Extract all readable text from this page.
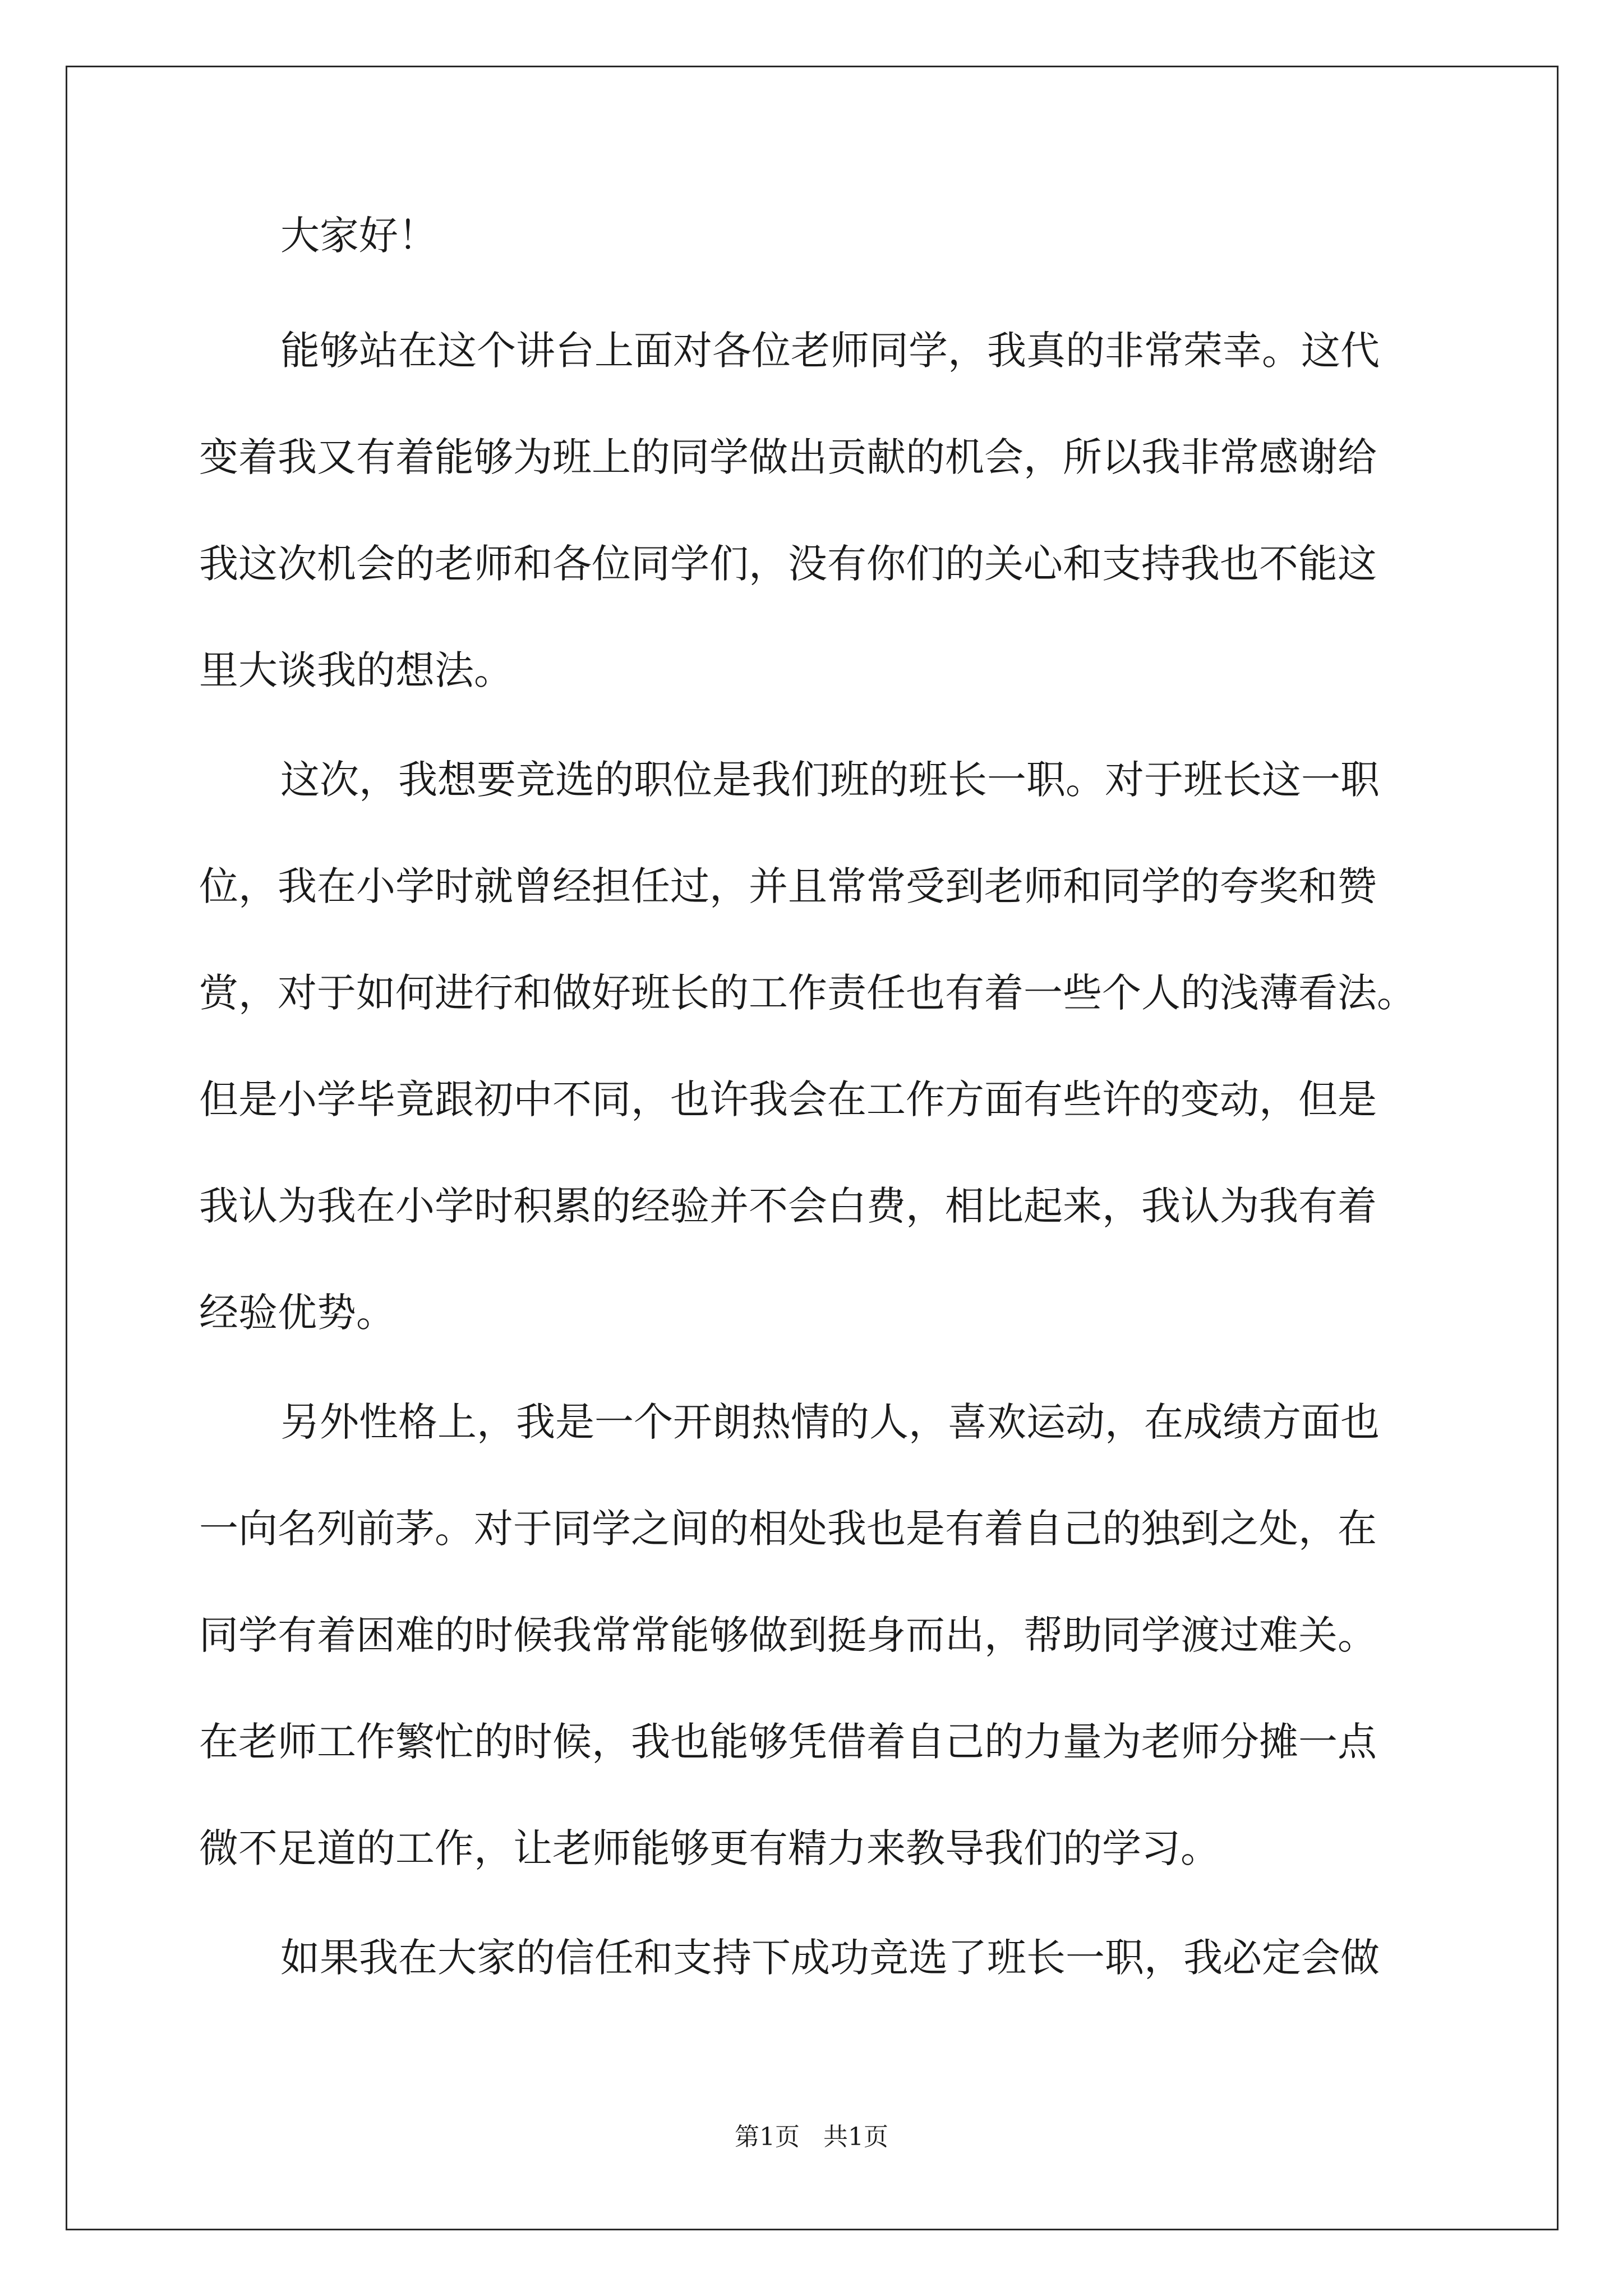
大家好！
能够站在这个讲台上面对各位老师同学，我真的非常荣幸。这代
变着我又有着能够为班上的同学做出贡献的机会，所以我非常感谢给
我这次机会的老师和各位同学们，没有你们的关心和支持我也不能这
里大谈我的想法。
这次，我想要竞选的职位是我们班的班长一职。对于班长这一职
位，我在小学时就曾经担任过，并且常常受到老师和同学的夸奖和赞
赏，对于如何进行和做好班长的工作责任也有着一些个人的浅薄看法。
但是小学毕竟跟初中不同，也许我会在工作方面有些许的变动，但是
我认为我在小学时积累的经验并不会白费，相比起来，我认为我有着
经验优势。
另外性格上，我是一个开朗热情的人，喜欢运动，在成绩方面也
一向名列前茅。对于同学之间的相处我也是有着自己的独到之处，在
同学有着困难的时候我常常能够做到挺身而出，帮助同学渡过难关。
在老师工作繁忙的时候，我也能够凭借着自己的力量为老师分摊一点
微不足道的工作，让老师能够更有精力来教导我们的学习。
如果我在大家的信任和支持下成功竞选了班长一职，我必定会做
第1页   共1页
